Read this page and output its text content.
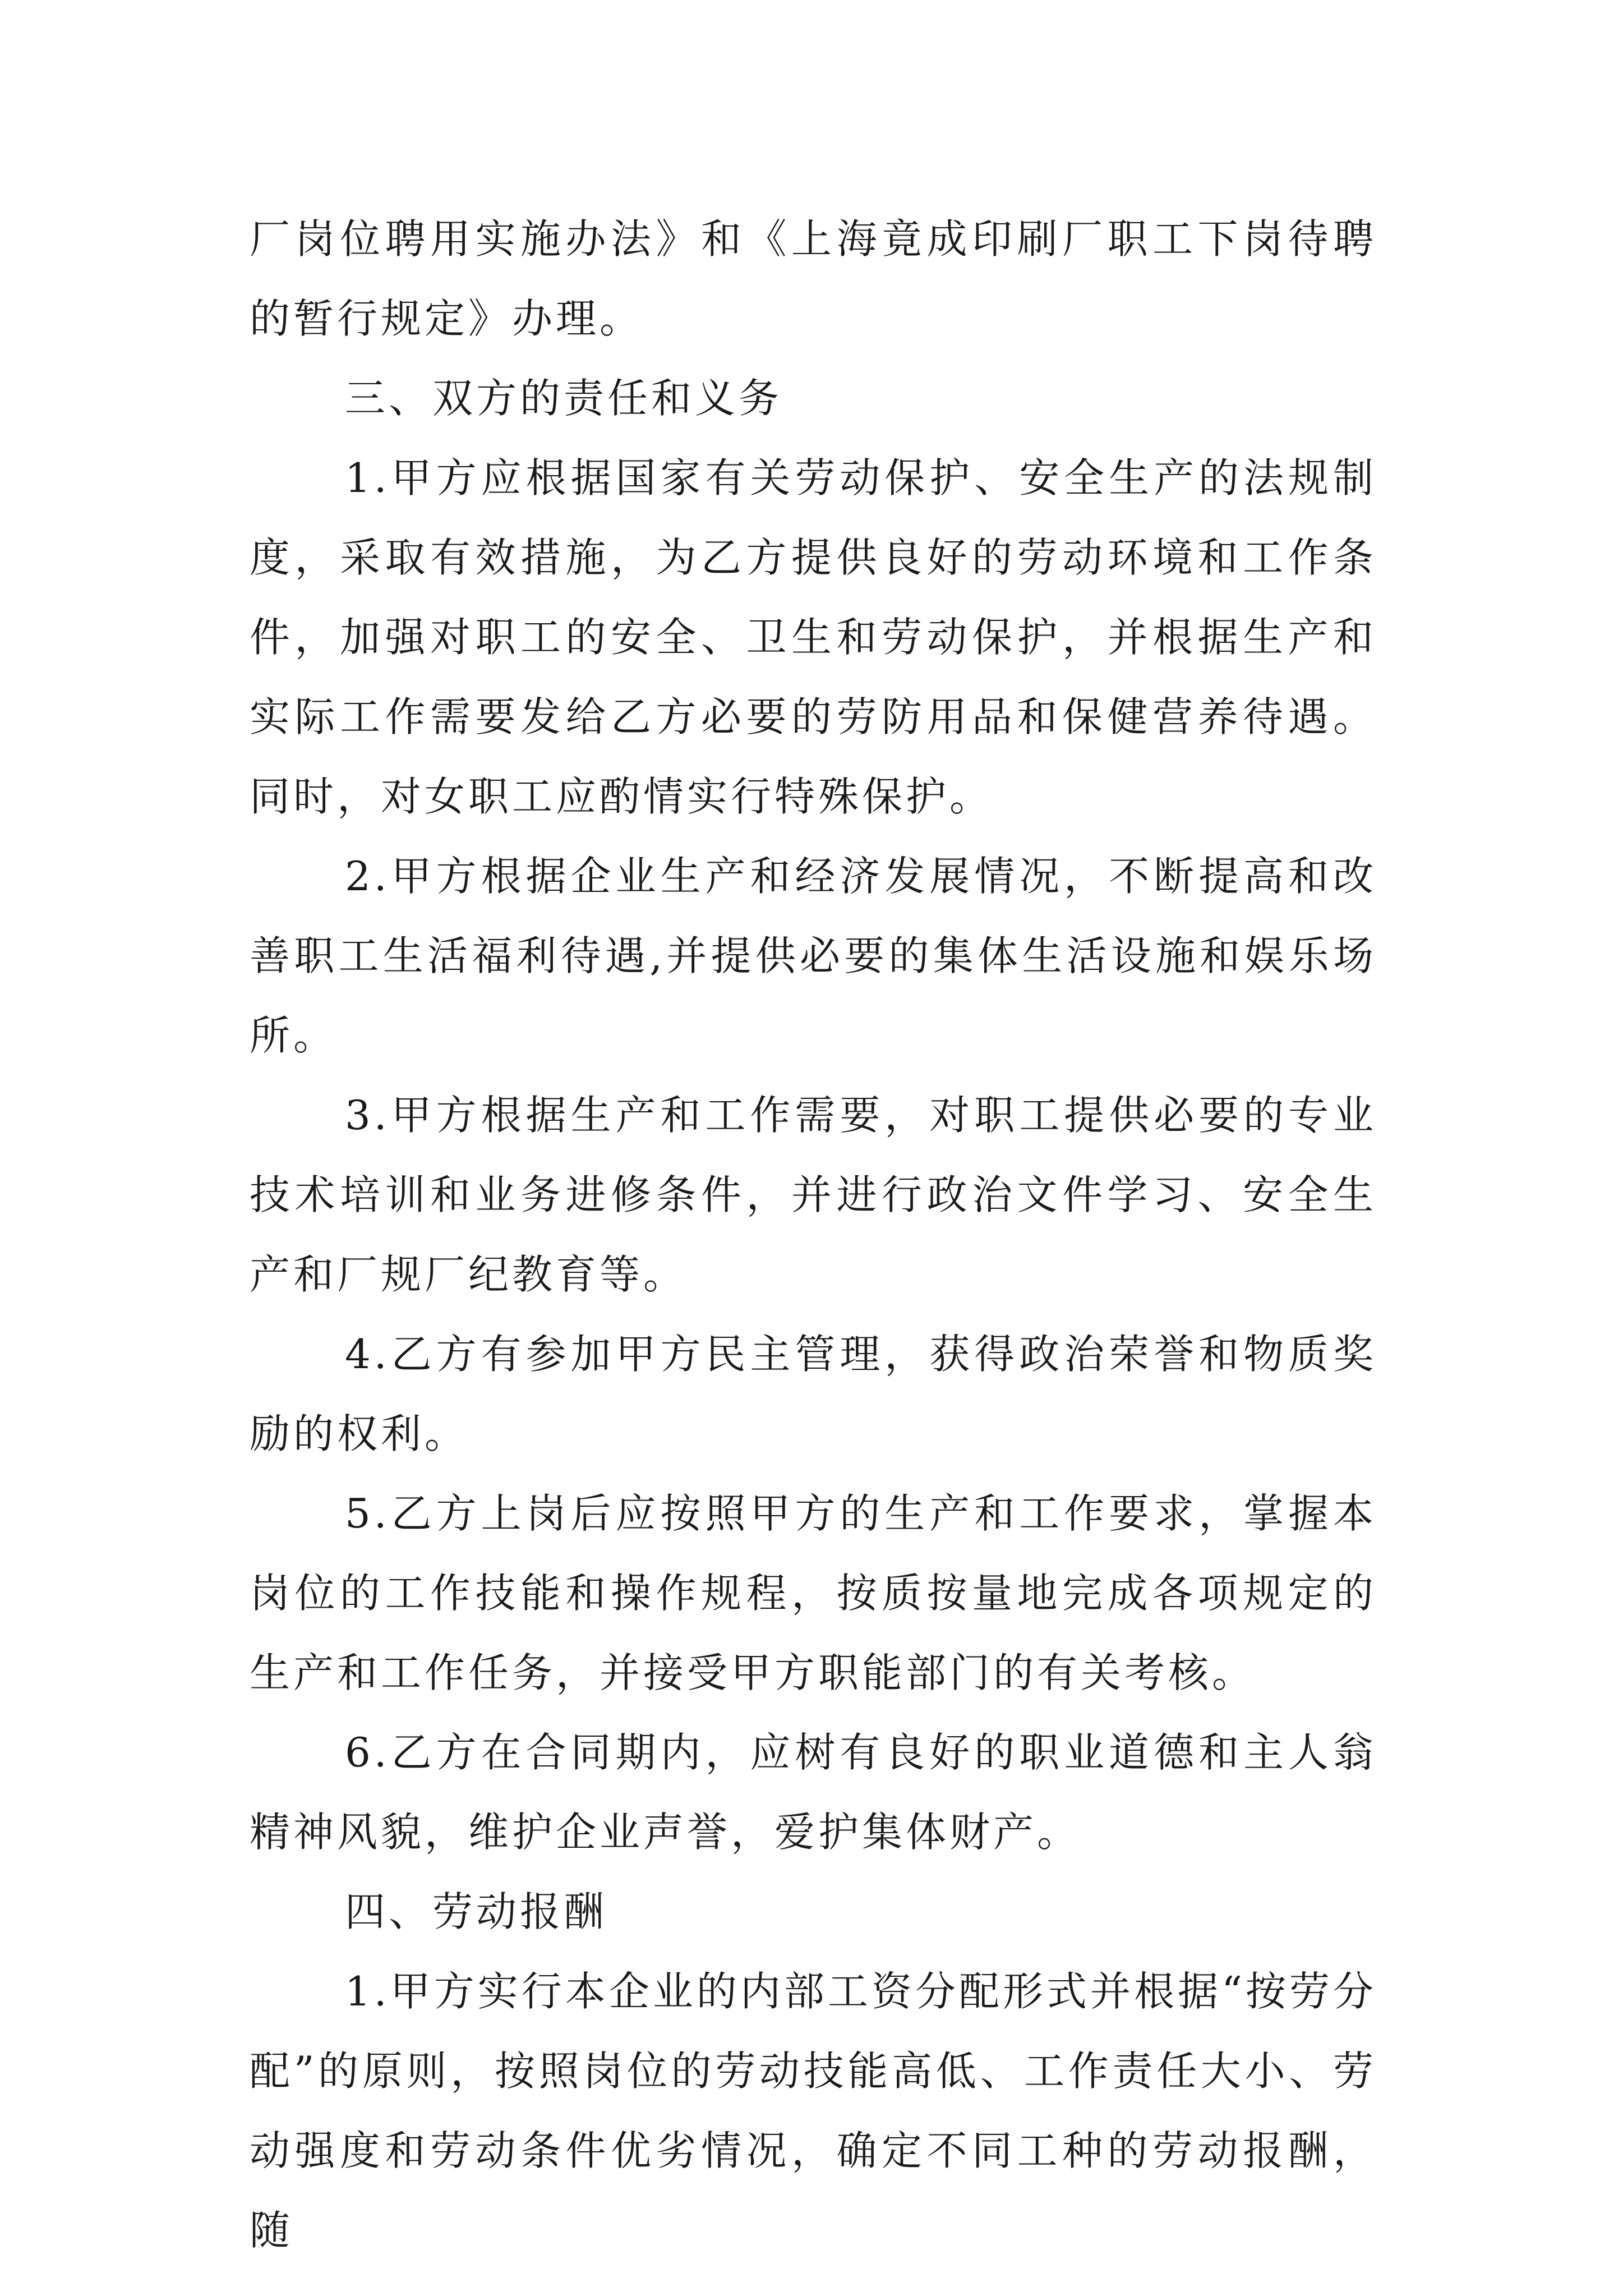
厂岗位聘用实施办法》和《上海竟成印刷厂职工下岗待聘的暂行规定》办理。

三、双方的责任和义务

1.甲方应根据国家有关劳动保护、安全生产的法规制度，采取有效措施，为乙方提供良好的劳动环境和工作条件，加强对职工的安全、卫生和劳动保护，并根据生产和实际工作需要发给乙方必要的劳防用品和保健营养待遇。同时，对女职工应酌情实行特殊保护。

2.甲方根据企业生产和经济发展情况，不断提高和改善职工生活福利待遇,并提供必要的集体生活设施和娱乐场所。

3.甲方根据生产和工作需要，对职工提供必要的专业技术培训和业务进修条件，并进行政治文件学习、安全生产和厂规厂纪教育等。

4.乙方有参加甲方民主管理，获得政治荣誉和物质奖励的权利。

5.乙方上岗后应按照甲方的生产和工作要求，掌握本岗位的工作技能和操作规程，按质按量地完成各项规定的生产和工作任务，并接受甲方职能部门的有关考核。

6.乙方在合同期内，应树有良好的职业道德和主人翁精神风貌，维护企业声誉，爱护集体财产。

四、劳动报酬

1.甲方实行本企业的内部工资分配形式并根据“按劳分配”的原则，按照岗位的劳动技能高低、工作责任大小、劳动强度和劳动条件优劣情况，确定不同工种的劳动报酬，随
